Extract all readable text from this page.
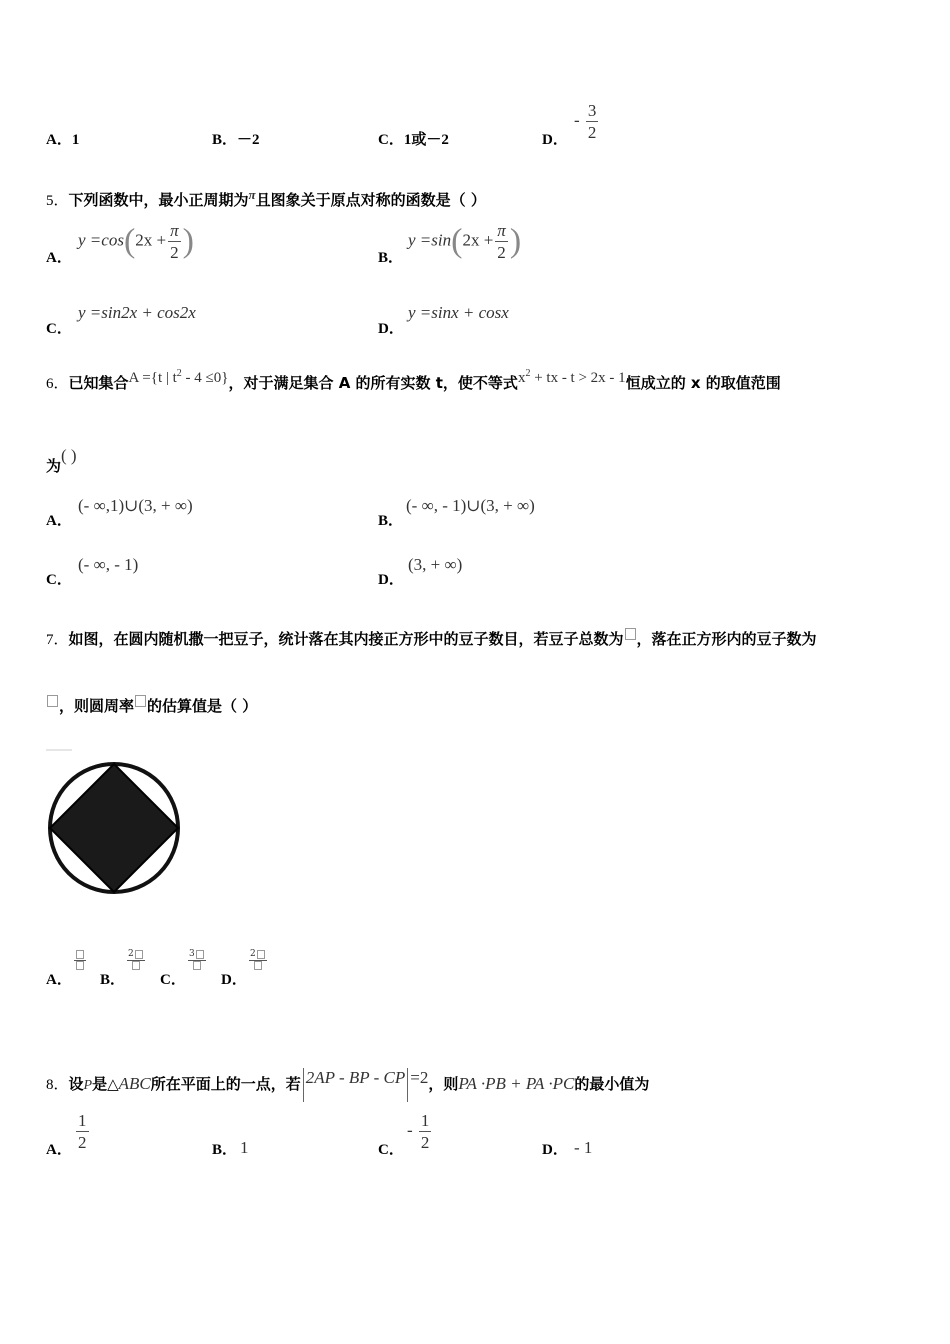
A．1	B．－2	C．1或－2	D．
- $\frac{3}{2}$
5．下列函数中，最小正周期为π且图象关于原点对称的函数是（ ）
A．
$y =\cos(2x + \frac{\pi}{2}$ )	B．
$y =\sin(2x + \frac{\pi}{2}$ )
C．
y =sin2x + cos2x
D．
y =sinx + cosx
6．已知集合A ={t | $t^2 - 4 \le 0$}，对于满足集合 A 的所有实数 t，使不等式$x^2$ + tx - t > 2x - 1恒成立的 x 的取值范围
为( )
A．
(- ∞,1)∪(3, + ∞)
B．
(- ∞, - 1)∪(3, + ∞)
C．
(- ∞, - 1)
D．
(3, + ∞)
7．如图，在圆内随机撒一把豆子，统计落在其内接正方形中的豆子数目，若豆子总数为 ，落在正方形内的豆子数为
，则圆周率 的估算值是（ ）
A． B．
2
C．
3
D．
2
8．设P是△ABC所在平面上的一点，若 2AP - BP - CP =2，则PA ·PB + PA ·PC的最小值为
A． $\frac{1}{2}$	B． 1	C．
- $\frac{1}{2}$	D． - 1
